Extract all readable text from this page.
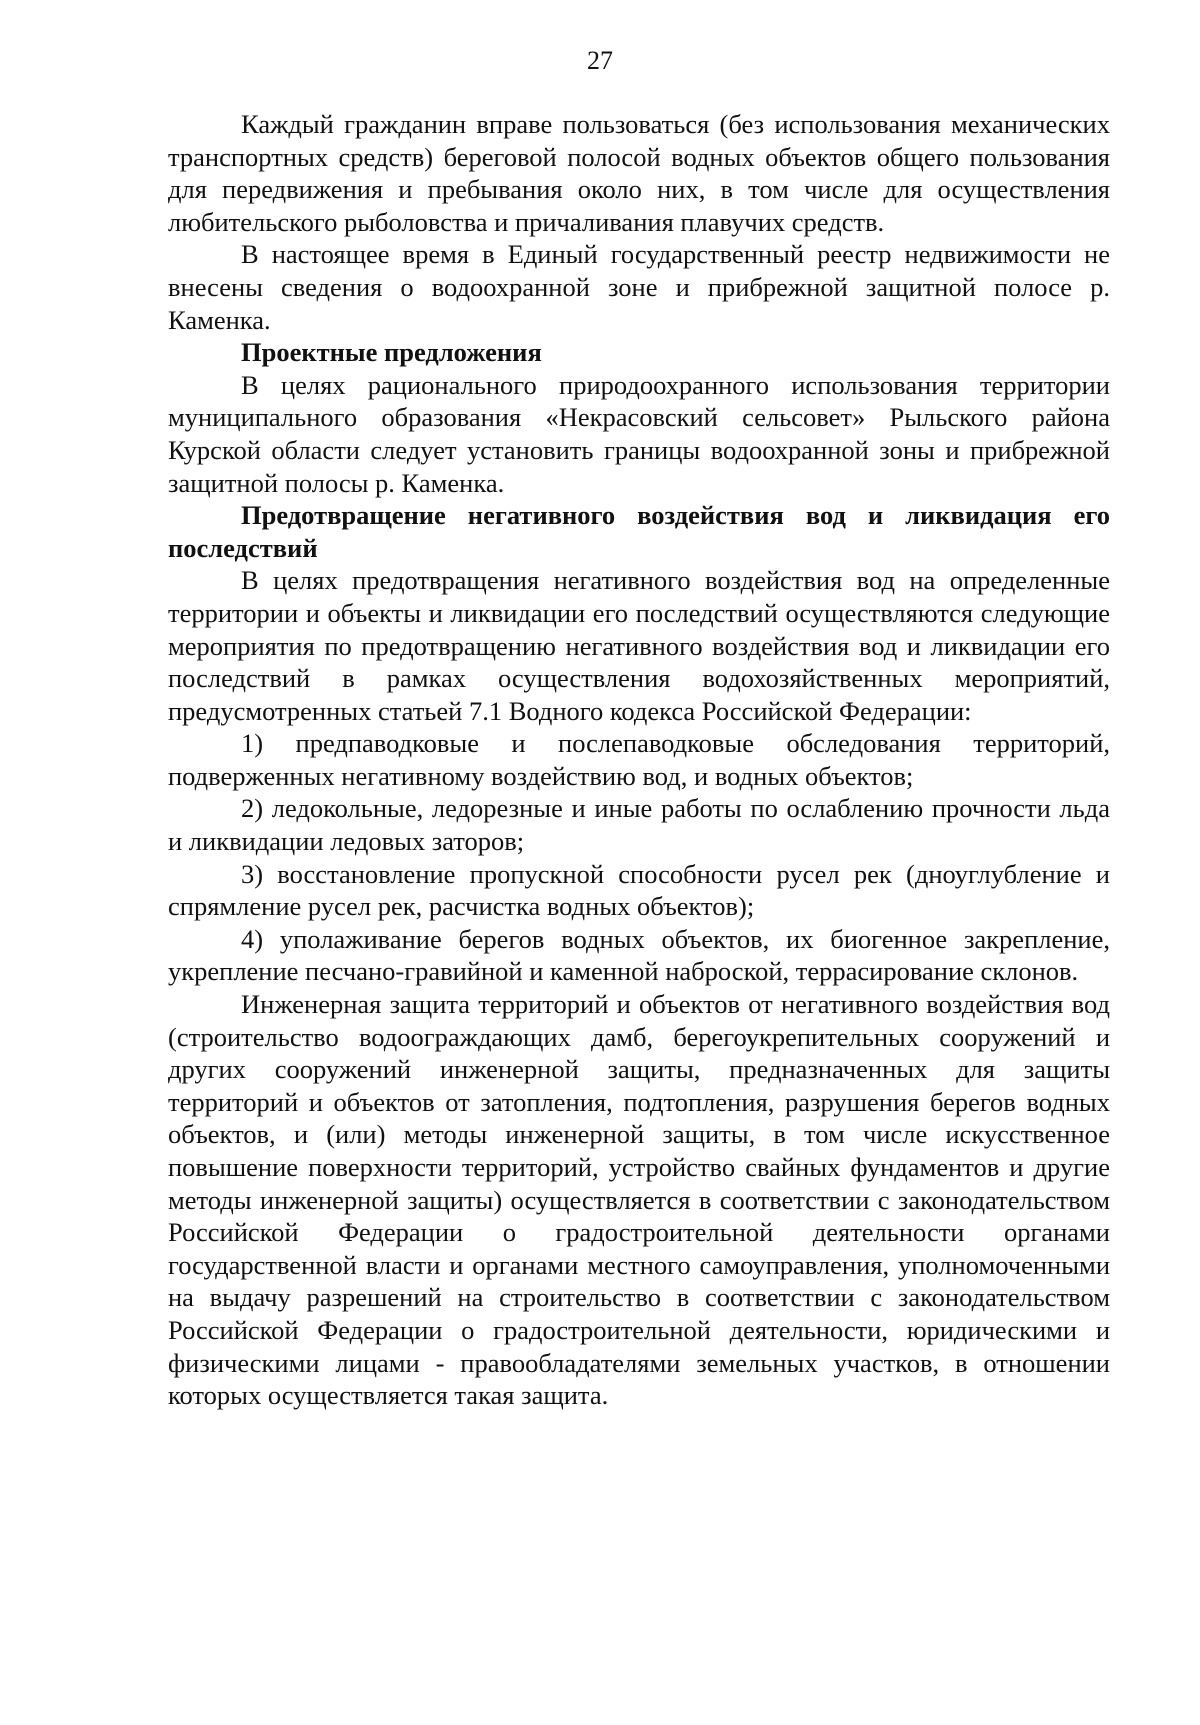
27

Каждый гражданин вправе пользоваться (без использования механических транспортных средств) береговой полосой водных объектов общего пользования для передвижения и пребывания около них, в том числе для осуществления любительского рыболовства и причаливания плавучих средств.

В настоящее время в Единый государственный реестр недвижимости не внесены сведения о водоохранной зоне и прибрежной защитной полосе р. Каменка.

Проектные предложения

В целях рационального природоохранного использования территории муниципального образования «Некрасовский сельсовет» Рыльского района Курской области следует установить границы водоохранной зоны и прибрежной защитной полосы р. Каменка.

Предотвращение негативного воздействия вод и ликвидация его последствий

В целях предотвращения негативного воздействия вод на определенные территории и объекты и ликвидации его последствий осуществляются следующие мероприятия по предотвращению негативного воздействия вод и ликвидации его последствий в рамках осуществления водохозяйственных мероприятий, предусмотренных статьей 7.1 Водного кодекса Российской Федерации:

1) предпаводковые и послепаводковые обследования территорий, подверженных негативному воздействию вод, и водных объектов;

2) ледокольные, ледорезные и иные работы по ослаблению прочности льда и ликвидации ледовых заторов;

3) восстановление пропускной способности русел рек (дноуглубление и спрямление русел рек, расчистка водных объектов);

4) уполаживание берегов водных объектов, их биогенное закрепление, укрепление песчано-гравийной и каменной наброской, террасирование склонов.

Инженерная защита территорий и объектов от негативного воздействия вод (строительство водоограждающих дамб, берегоукрепительных сооружений и других сооружений инженерной защиты, предназначенных для защиты территорий и объектов от затопления, подтопления, разрушения берегов водных объектов, и (или) методы инженерной защиты, в том числе искусственное повышение поверхности территорий, устройство свайных фундаментов и другие методы инженерной защиты) осуществляется в соответствии с законодательством Российской Федерации о градостроительной деятельности органами государственной власти и органами местного самоуправления, уполномоченными на выдачу разрешений на строительство в соответствии с законодательством Российской Федерации о градостроительной деятельности, юридическими и физическими лицами - правообладателями земельных участков, в отношении которых осуществляется такая защита.
